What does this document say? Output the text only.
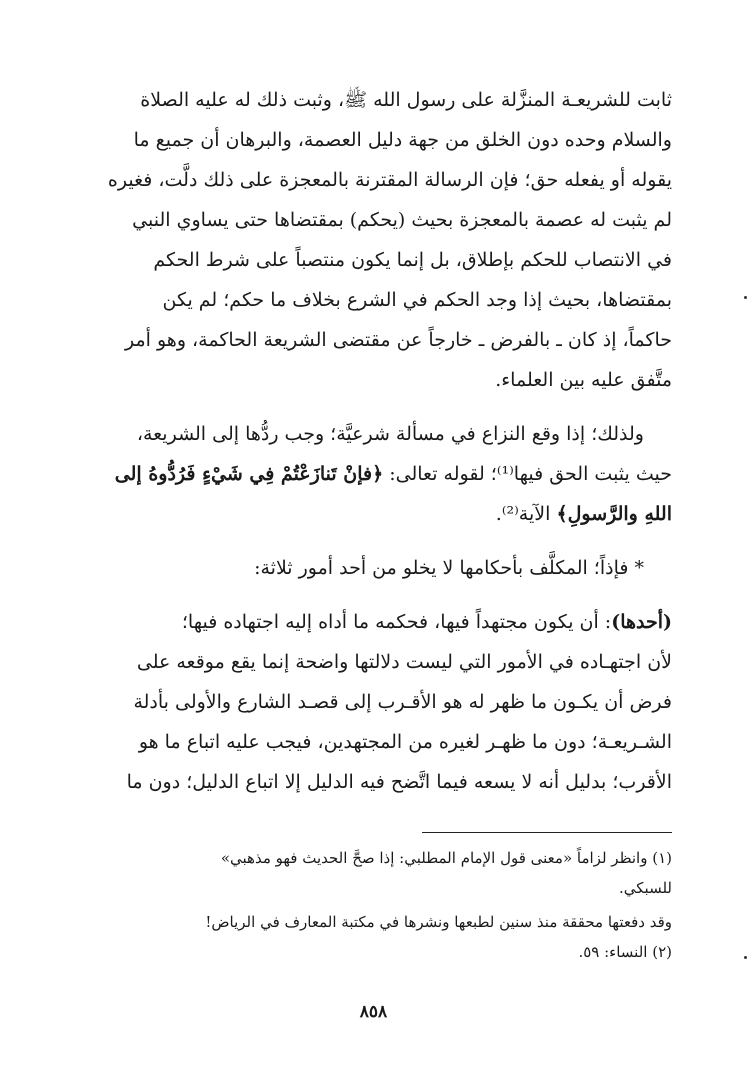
ثابت للشريعـة المنزَّلة على رسول الله ﷺ، وثبت ذلك له عليه الصلاة
والسلام وحده دون الخلق من جهة دليل العصمة، والبرهان أن جميع ما
يقوله أو يفعله حق؛ فإن الرسالة المقترنة بالمعجزة على ذلك دلَّت، فغيره
لم يثبت له عصمة بالمعجزة بحيث (يحكم) بمقتضاها حتى يساوي النبي
في الانتصاب للحكم بإطلاق، بل إنما يكون منتصباً على شرط الحكم
بمقتضاها، بحيث إذا وجد الحكم في الشرع بخلاف ما حكم؛ لم يكن
حاكماً، إذ كان ـ بالفرض ـ خارجاً عن مقتضى الشريعة الحاكمة، وهو أمر
متَّفق عليه بين العلماء.

ولذلك؛ إذا وقع النزاع في مسألة شرعيَّة؛ وجب ردُّها إلى الشريعة،
حيث يثبت الحق فيها⁽¹⁾؛ لقوله تعالى: ﴿فإنْ تَنازَعْتُمْ فِي شَيْءٍ فَرُدُّوهُ إلى
اللهِ والرَّسولِ﴾ الآية⁽²⁾.

* فإذاً؛ المكلَّف بأحكامها لا يخلو من أحد أمور ثلاثة:

(أحدها): أن يكون مجتهداً فيها، فحكمه ما أداه إليه اجتهاده فيها؛
لأن اجتهـاده في الأمور التي ليست دلالتها واضحة إنما يقع موقعه على
فرض أن يكـون ما ظهر له هو الأقـرب إلى قصـد الشارع والأولى بأدلة
الشـريعـة؛ دون ما ظهـر لغيره من المجتهدين، فيجب عليه اتباع ما هو
الأقرب؛ بدليل أنه لا يسعه فيما اتَّضح فيه الدليل إلا اتباع الدليل؛ دون ما

(١) وانظر لزاماً «معنى قول الإمام المطلبي: إذا صحَّ الحديث فهو مذهبي»
للسبكي.

وقد دفعتها محققة منذ سنين لطبعها ونشرها في مكتبة المعارف في الرياض!

(٢) النساء: ٥٩.

٨٥٨
